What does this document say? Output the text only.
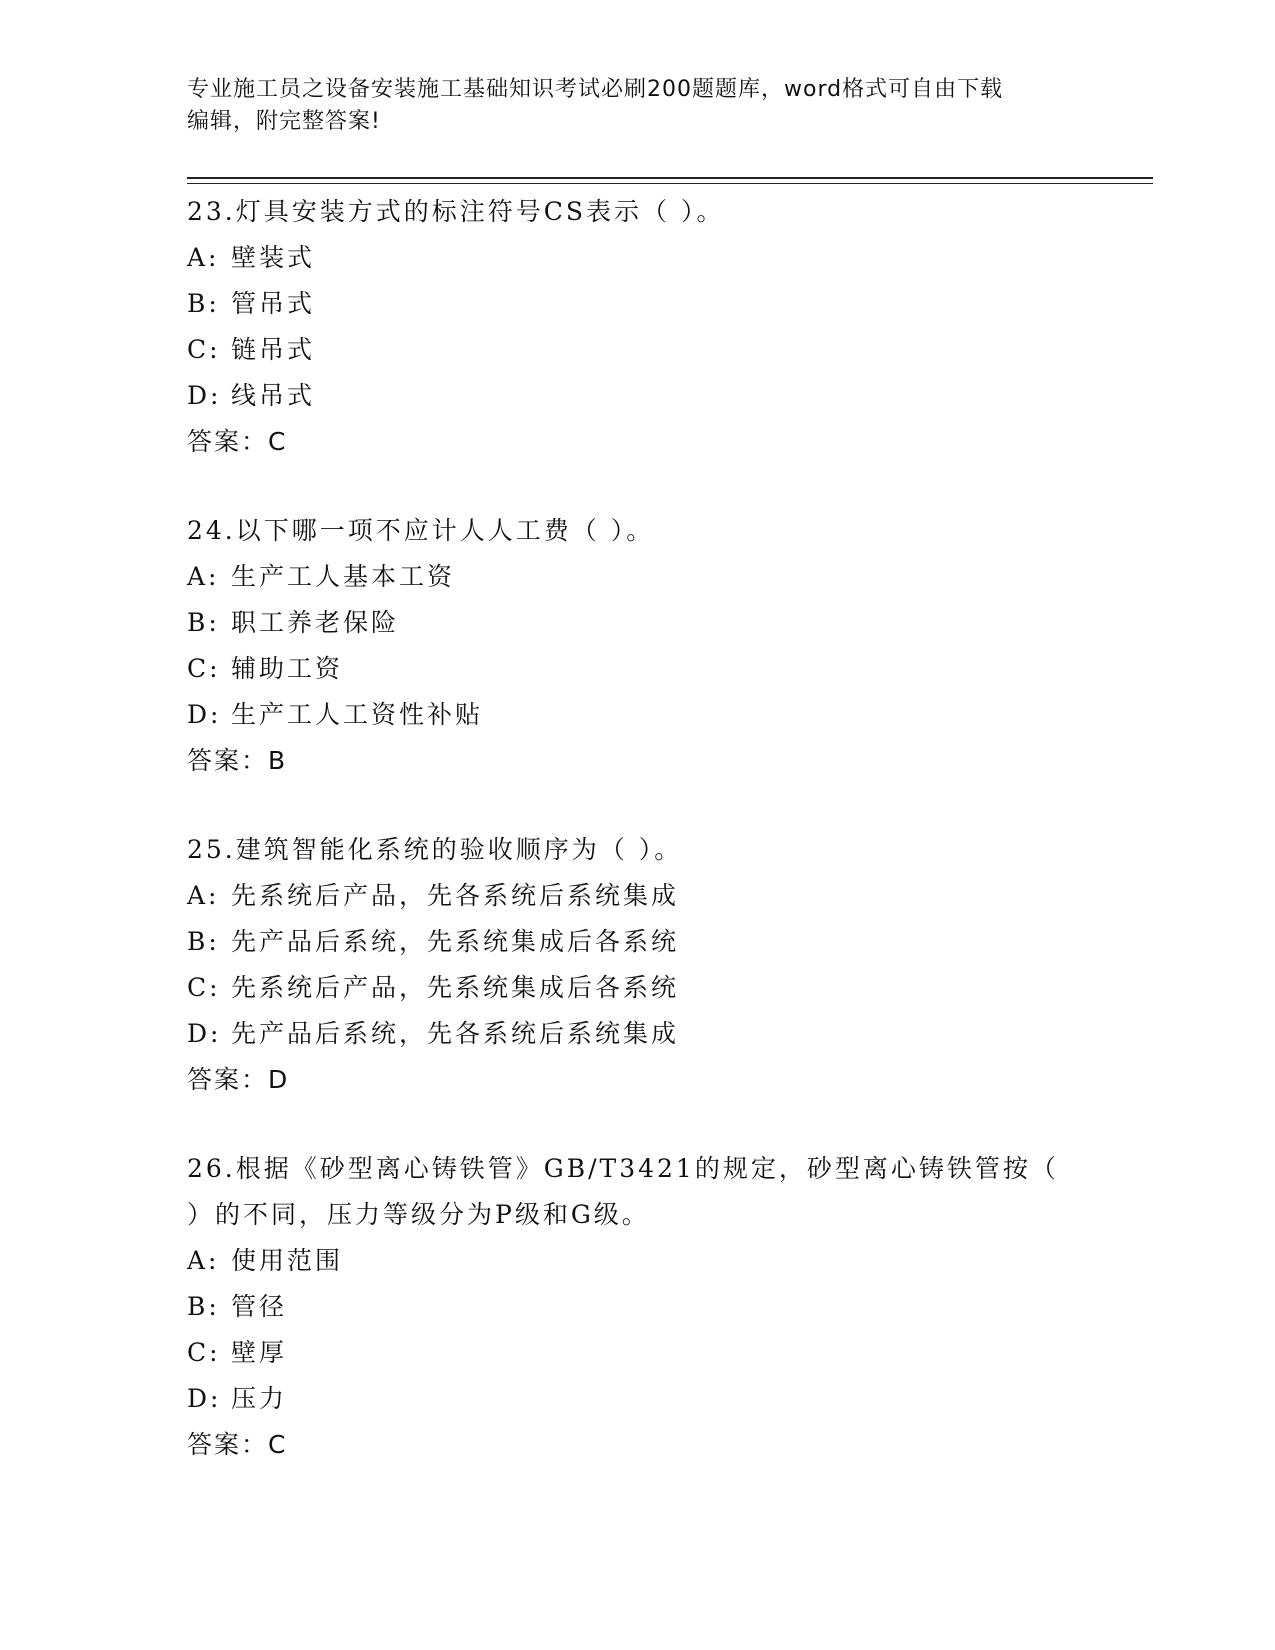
专业施工员之设备安装施工基础知识考试必刷200题题库，word格式可自由下载
编辑，附完整答案!
23.灯具安装方式的标注符号CS表示（ ）。
A: 壁装式
B: 管吊式
C: 链吊式
D: 线吊式
答案：C
24.以下哪一项不应计人人工费（ ）。
A: 生产工人基本工资
B: 职工养老保险
C: 辅助工资
D: 生产工人工资性补贴
答案：B
25.建筑智能化系统的验收顺序为（ ）。
A: 先系统后产品，先各系统后系统集成
B: 先产品后系统，先系统集成后各系统
C: 先系统后产品，先系统集成后各系统
D: 先产品后系统，先各系统后系统集成
答案：D
26.根据《砂型离心铸铁管》GB/T3421的规定，砂型离心铸铁管按（
）的不同，压力等级分为P级和G级。
A: 使用范围
B: 管径
C: 壁厚
D: 压力
答案：C
